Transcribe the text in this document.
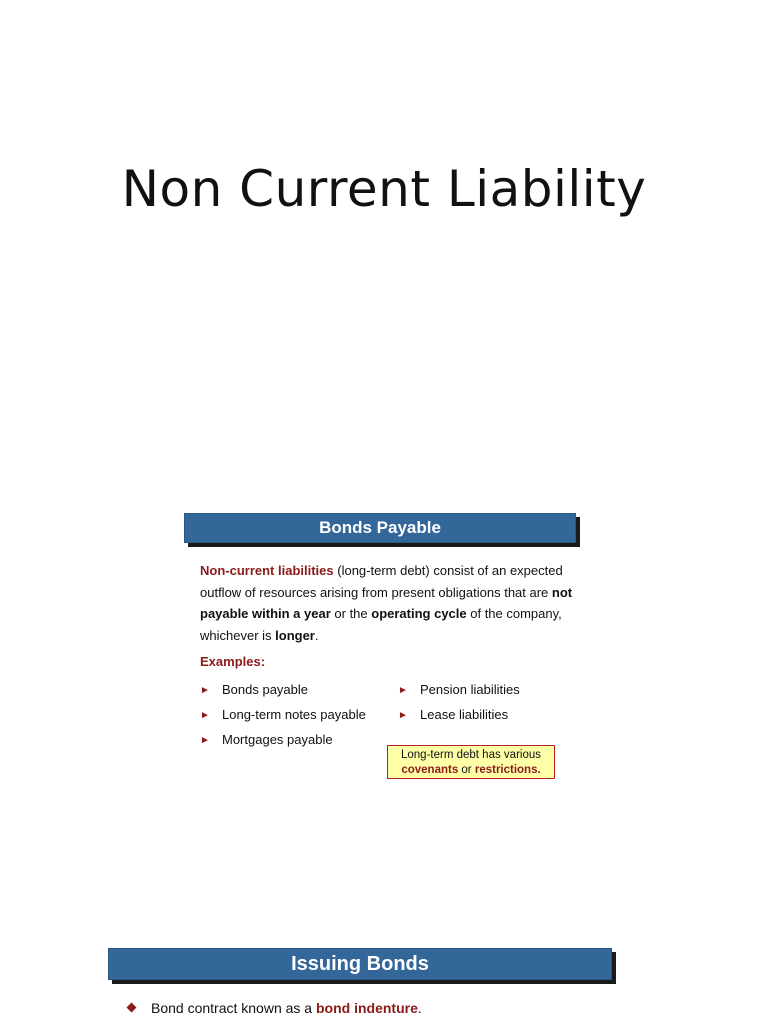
Non Current Liability
Bonds Payable
Non-current liabilities (long-term debt) consist of an expected outflow of resources arising from present obligations that are not payable within a year or the operating cycle of the company, whichever is longer.
Examples:
► Bonds payable
► Long-term notes payable
► Mortgages payable
► Pension liabilities
► Lease liabilities
Long-term debt has various
covenants or restrictions.
Issuing Bonds
Bond contract known as a bond indenture.
